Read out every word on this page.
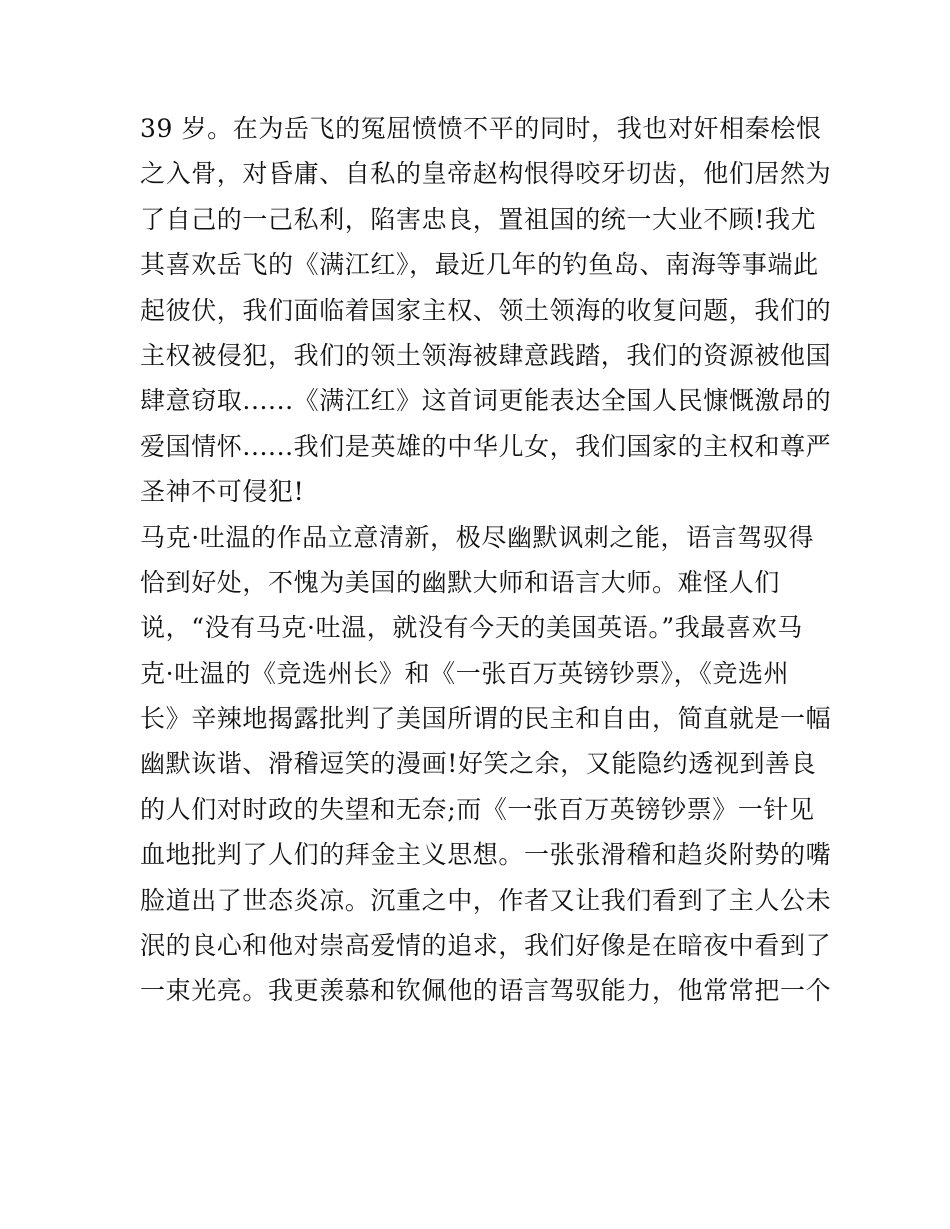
39 岁。在为岳飞的冤屈愤愤不平的同时，我也对奸相秦桧恨
之入骨，对昏庸、自私的皇帝赵构恨得咬牙切齿，他们居然为
了自己的一己私利，陷害忠良，置祖国的统一大业不顾!我尤
其喜欢岳飞的《满江红》，最近几年的钓鱼岛、南海等事端此
起彼伏，我们面临着国家主权、领土领海的收复问题，我们的
主权被侵犯，我们的领土领海被肆意践踏，我们的资源被他国
肆意窃取......《满江红》这首词更能表达全国人民慷慨激昂的
爱国情怀......我们是英雄的中华儿女，我们国家的主权和尊严
圣神不可侵犯!
马克·吐温的作品立意清新，极尽幽默讽刺之能，语言驾驭得
恰到好处，不愧为美国的幽默大师和语言大师。难怪人们
说，“没有马克·吐温，就没有今天的美国英语。”我最喜欢马
克·吐温的《竞选州长》和《一张百万英镑钞票》，《竞选州
长》辛辣地揭露批判了美国所谓的民主和自由，简直就是一幅
幽默诙谐、滑稽逗笑的漫画!好笑之余，又能隐约透视到善良
的人们对时政的失望和无奈;而《一张百万英镑钞票》一针见
血地批判了人们的拜金主义思想。一张张滑稽和趋炎附势的嘴
脸道出了世态炎凉。沉重之中，作者又让我们看到了主人公未
泯的良心和他对崇高爱情的追求，我们好像是在暗夜中看到了
一束光亮。我更羡慕和钦佩他的语言驾驭能力，他常常把一个
